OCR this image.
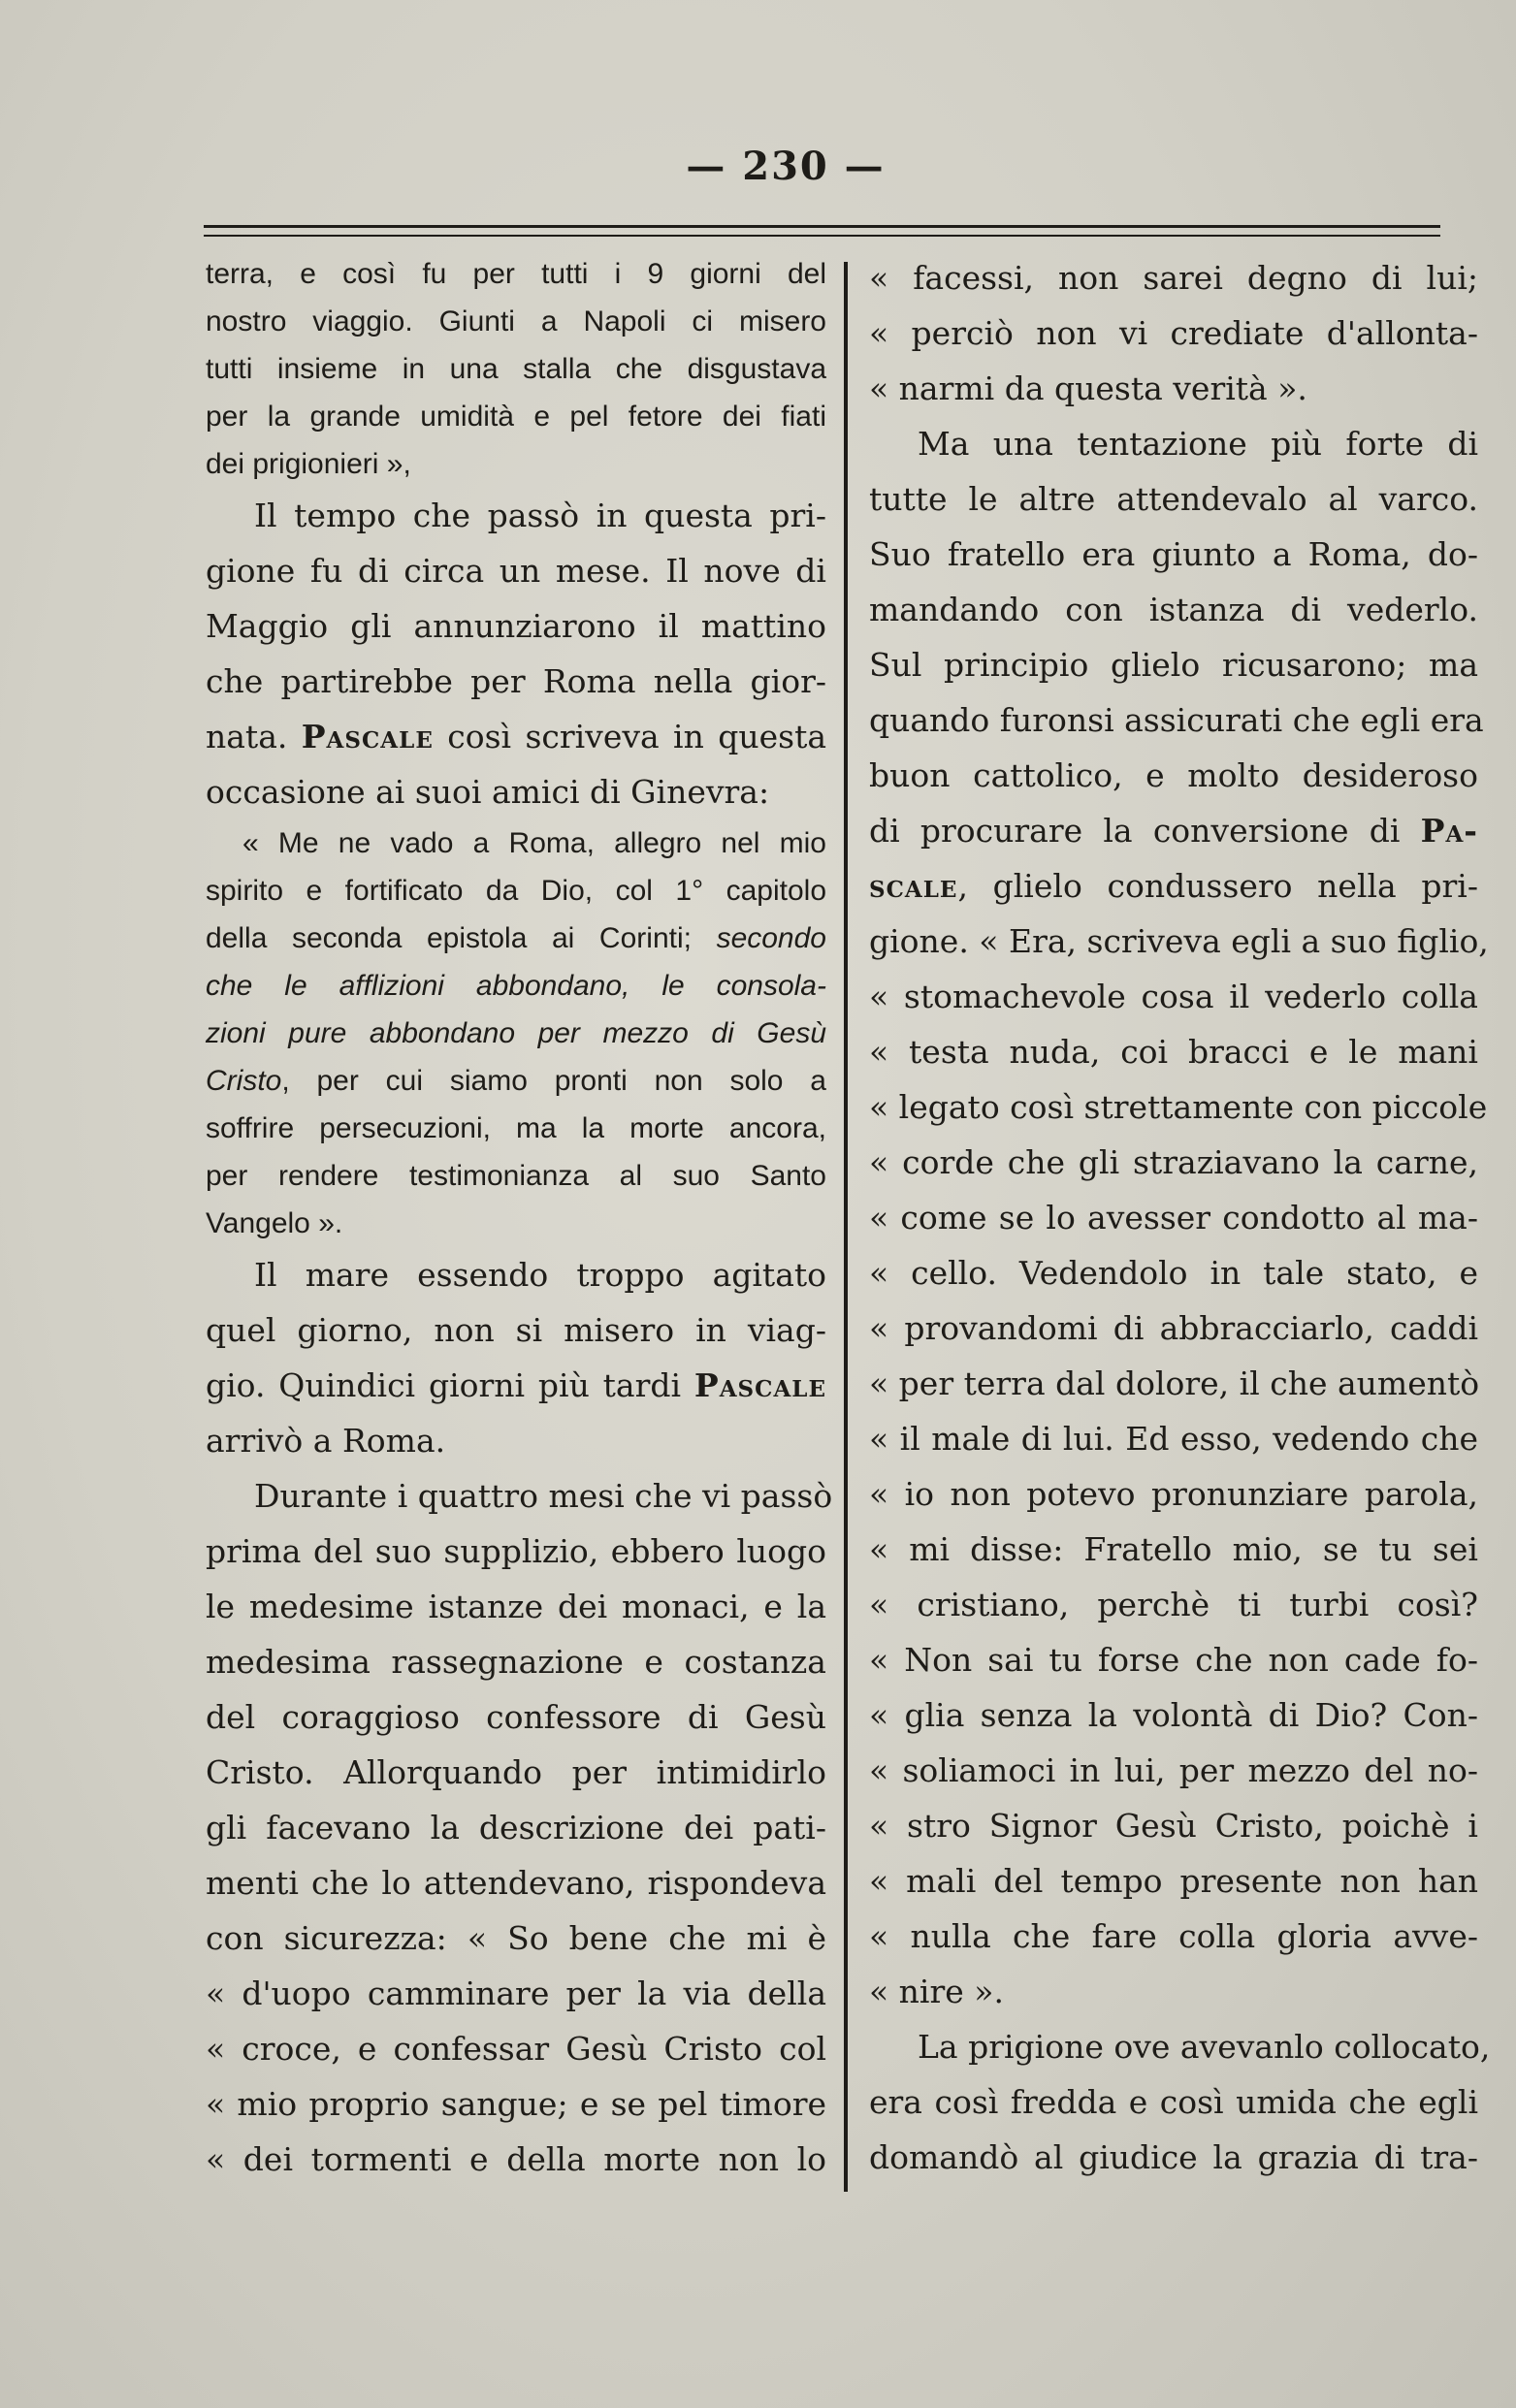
— 230 —
terra, e così fu per tutti i 9 giorni del
nostro viaggio. Giunti a Napoli ci misero
tutti insieme in una stalla che disgustava
per la grande umidità e pel fetore dei fiati
dei prigionieri »,
Il tempo che passò in questa pri-
gione fu di circa un mese. Il nove di
Maggio gli annunziarono il mattino
che partirebbe per Roma nella gior-
nata. Pascale così scriveva in questa
occasione ai suoi amici di Ginevra:
« Me ne vado a Roma, allegro nel mio
spirito e fortificato da Dio, col 1° capitolo
della seconda epistola ai Corinti; secondo
che le afflizioni abbondano, le consola-
zioni pure abbondano per mezzo di Gesù
Cristo, per cui siamo pronti non solo a
soffrire persecuzioni, ma la morte ancora,
per rendere testimonianza al suo Santo
Vangelo ».
Il mare essendo troppo agitato
quel giorno, non si misero in viag-
gio. Quindici giorni più tardi Pascale
arrivò a Roma.
Durante i quattro mesi che vi passò
prima del suo supplizio, ebbero luogo
le medesime istanze dei monaci, e la
medesima rassegnazione e costanza
del coraggioso confessore di Gesù
Cristo. Allorquando per intimidirlo
gli facevano la descrizione dei pati-
menti che lo attendevano, rispondeva
con sicurezza: « So bene che mi è
« d'uopo camminare per la via della
« croce, e confessar Gesù Cristo col
« mio proprio sangue; e se pel timore
« dei tormenti e della morte non lo
« facessi, non sarei degno di lui;
« perciò non vi crediate d'allonta-
« narmi da questa verità ».
Ma una tentazione più forte di
tutte le altre attendevalo al varco.
Suo fratello era giunto a Roma, do-
mandando con istanza di vederlo.
Sul principio glielo ricusarono; ma
quando furonsi assicurati che egli era
buon cattolico, e molto desideroso
di procurare la conversione di Pa-
scale, glielo condussero nella pri-
gione. « Era, scriveva egli a suo figlio,
« stomachevole cosa il vederlo colla
« testa nuda, coi bracci e le mani
« legato così strettamente con piccole
« corde che gli straziavano la carne,
« come se lo avesser condotto al ma-
« cello. Vedendolo in tale stato, e
« provandomi di abbracciarlo, caddi
« per terra dal dolore, il che aumentò
« il male di lui. Ed esso, vedendo che
« io non potevo pronunziare parola,
« mi disse: Fratello mio, se tu sei
« cristiano, perchè ti turbi così?
« Non sai tu forse che non cade fo-
« glia senza la volontà di Dio? Con-
« soliamoci in lui, per mezzo del no-
« stro Signor Gesù Cristo, poichè i
« mali del tempo presente non han
« nulla che fare colla gloria avve-
« nire ».
La prigione ove avevanlo collocato,
era così fredda e così umida che egli
domandò al giudice la grazia di tra-
